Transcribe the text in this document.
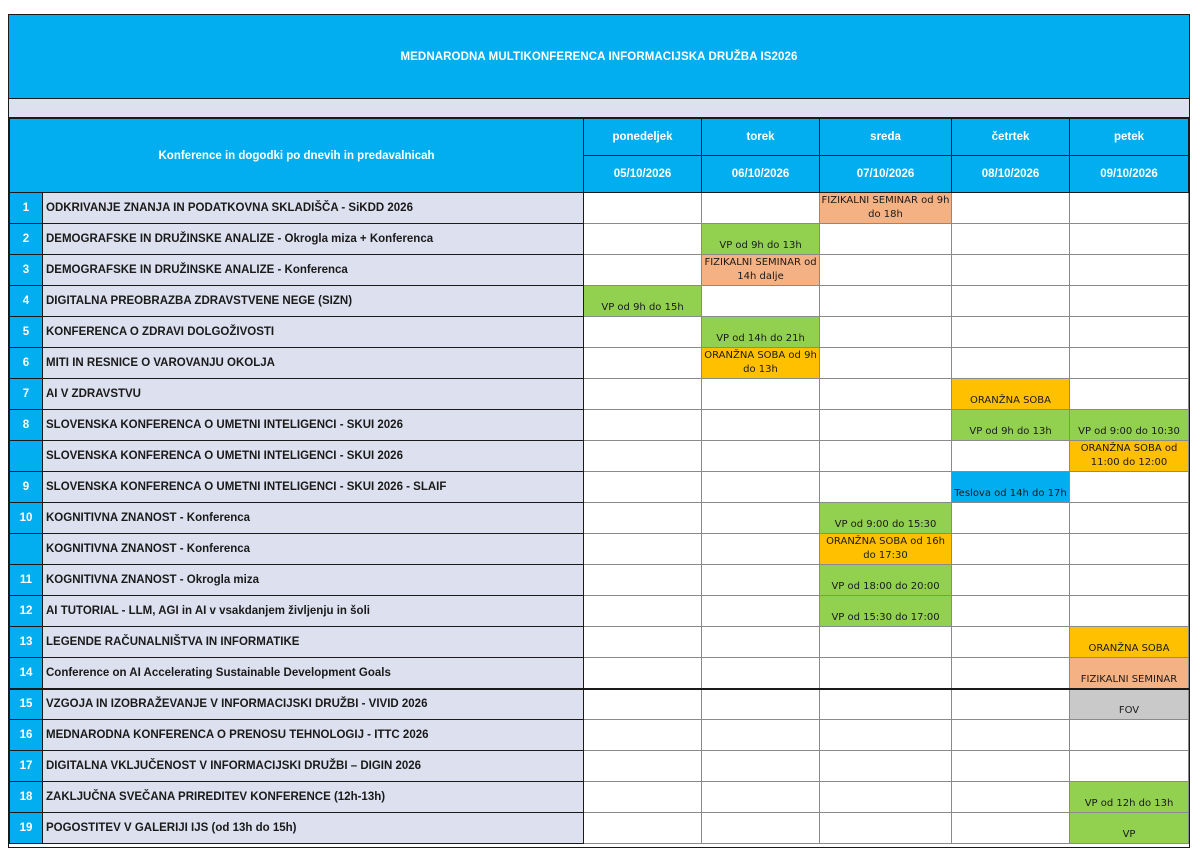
MEDNARODNA MULTIKONFERENCA INFORMACIJSKA DRUŽBA IS2026
Konference in dogodki po dnevih in predavalnicah		ponedeljek	torek	sreda	četrtek	petek
		05/10/2026	06/10/2026	07/10/2026	08/10/2026	09/10/2026
1	ODKRIVANJE ZNANJA IN PODATKOVNA SKLADIŠČA - SiKDD 2026			FIZIKALNI SEMINAR od 9h do 18h		
2	DEMOGRAFSKE IN DRUŽINSKE ANALIZE - Okrogla miza + Konferenca		VP od 9h do 13h			
3	DEMOGRAFSKE IN DRUŽINSKE ANALIZE - Konferenca		FIZIKALNI SEMINAR od 14h dalje			
4	DIGITALNA PREOBRAZBA ZDRAVSTVENE NEGE (SIZN)	VP od 9h do 15h				
5	KONFERENCA O ZDRAVI DOLGOŽIVOSTI		VP od 14h do 21h			
6	MITI IN RESNICE O VAROVANJU OKOLJA		ORANŽNA SOBA od 9h do 13h			
7	AI V ZDRAVSTVU				ORANŽNA SOBA	
8	SLOVENSKA KONFERENCA O UMETNI INTELIGENCI - SKUI 2026				VP od 9h do 13h	VP od 9:00 do 10:30
	SLOVENSKA KONFERENCA O UMETNI INTELIGENCI - SKUI 2026					ORANŽNA SOBA od 11:00 do 12:00
9	SLOVENSKA KONFERENCA O UMETNI INTELIGENCI - SKUI 2026 - SLAIF				Teslova od 14h do 17h	
10	KOGNITIVNA ZNANOST - Konferenca			VP od 9:00 do 15:30		
	KOGNITIVNA ZNANOST - Konferenca			ORANŽNA SOBA od 16h do 17:30		
11	KOGNITIVNA ZNANOST - Okrogla miza			VP od 18:00 do 20:00		
12	AI TUTORIAL - LLM, AGI in AI v vsakdanjem življenju in šoli			VP od 15:30 do 17:00		
13	LEGENDE RAČUNALNIŠTVA IN INFORMATIKE					ORANŽNA SOBA
14	Conference on AI Accelerating Sustainable Development Goals					FIZIKALNI SEMINAR
15	VZGOJA IN IZOBRAŽEVANJE V INFORMACIJSKI DRUŽBI - VIVID 2026					FOV
16	MEDNARODNA KONFERENCA O PRENOSU TEHNOLOGIJ - ITTC 2026					
17	DIGITALNA VKLJUČENOST V INFORMACIJSKI DRUŽBI – DIGIN 2026					
18	ZAKLJUČNA SVEČANA PRIREDITEV KONFERENCE (12h-13h)					VP od 12h do 13h
19	POGOSTITEV V GALERIJI IJS (od 13h do 15h)					VP
